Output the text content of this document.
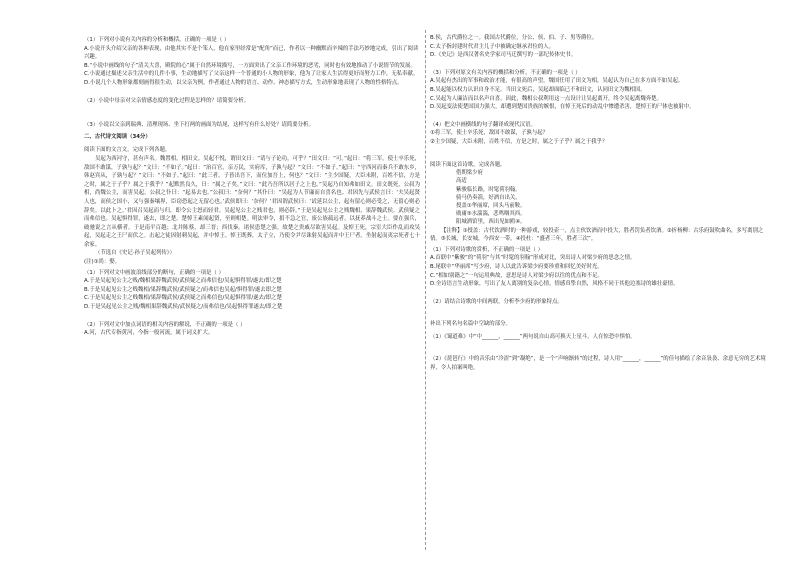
（1）下列对小说有关内容的分析和概括，正确的一项是（ ）

A.小说开头介绍父亲的各种表现，由他其实不是个笨人，他在家里经常是“配角”而已，作者以一种幽默而辛辣的手法巧妙地完成，引出了阅读兴趣。

B.“小说中画线的句子”清关大喜，殿院的心”属于自然环境描写，一方面突出了父亲工作环境的恶劣，同时也有效地推动了小说情节的发展。

C.小说通过描述父亲生活中的几件小事，生动地描写了父亲这样一个普通的小人物的形象，他为了让家人生活得更好而努力工作，无私奉献。

D.小说几个人物形象都刻画得很生动，以父亲为例，作者通过人物的语言、动作、神态描写方式，生动形象地表现了人物的性格特点。

（2）小说中母亲对父亲情感态度的变化过程是怎样的？请简要分析。

（3）小说以父亲到瑞典、清理现场、坐下打两的画面为结尾，这样写有什么好处？请简要分析。

二、古代诗文阅读（34分）

阅读下面的文言文，完成下列各题。

吴起为西河守，甚有声名。魏置相，相田文。吴起不悦，谓田文曰：“请与子论功，可乎？”田文曰：“可。”起曰：“将三军，使士卒乐死，敌国不敢谋，子孰与起？”文曰：“不如子。”起曰：“治百官，亲万民，实府库，子孰与起？”文曰：“不如子。”起曰：“守西河而秦兵不敢东乡，韩赵宾从，子孰与起？”文曰：“不如子。”起曰：“此三者，子皆出吾下，而位加吾上，何也？”文曰：“主少国疑，大臣未附，百姓不信，方是之时，属之于子乎？属之于我乎？”起默然良久，曰：“属之子矣。”文曰：“此乃吾所以居子之上也。”吴起乃自知弗如田文。田文既死，公叔为相，尚魏公主，而害吴起。公叔之仆曰：“起易去也。”公叔曰：“奈何？”其仆曰：“吴起为人节廉而自喜名也。君因先与武侯言曰：‘夫吴起贤人也，而侯之国小，又与强秦壤界，臣窃恐起之无留心也。’武侯即曰：‘奈何？’君因谓武侯曰：‘试延以公主，起有留心则必受之，无留心则必辞矣。以此卜之。’君因召吴起而与归，即令公主怒而轻君。吴起见公主之贱君也，则必辞。”于是吴起见公主之贱魏相，果辞魏武侯。武侯疑之而弗信也。吴起惧得罪，遂去，即之楚。楚悼王素闻起贤，至则相楚。明法审令，捐不急之官，废公族疏远者，以抚养战斗之士。要在强兵，破驰说之言从横者。于是南平百越；北并陈蔡，却三晋；西伐秦。诸侯患楚之强。故楚之贵戚尽欲害吴起。及悼王死，宗室大臣作乱而攻吴起，吴起走之王尸而伏之。击起之徒因射刺吴起，并中悼王。悼王既葬，太子立，乃使令尹尽诛射吴起而并中王尸者。坐射起而夷宗死者七十余家。

（节选自《史记·孙子吴起列传》）

(注)①尚：娶。

（1）下列对文中画波浪线部分的断句，正确的一项是（ ）

A.于是吴起见公主之贱/魏相果辞魏武侯/武侯疑之而弗信也/吴起惧得罪/遂去/即之楚

B.于是吴起见公主之贱魏相/果辞魏武侯/武侯疑之/而弗信也吴起/惧得罪/遂去即之楚

C.于是吴起见公主之贱魏相/果辞魏武侯/武侯疑之而弗信也/吴起惧得罪/遂去/即之楚

D.于是吴起见公主之贱/魏相果辞魏武侯/武侯疑之/而弗信也/吴起惧得罪遂去/即之楚

（2）下列对文中加点词语的相关内容的解说，不正确的一项是（ ）

A.河，古代专指黄河，今指一般河流，属于词义扩大。

B.侯，古代爵位之一。我国古代爵位，分公、侯、伯、子、男等爵位。

C.太子指封建时代君主儿子中被确定继承君位的人。

D.《史记》是西汉著名史学家司马迁撰写的一部纪传体史书。

（3）下列对原文有关内容的概括和分析，不正确的一项是（ ）

A.吴起有杰出的军事和政治才能，有很高的声望，魏国任用了田文为相，吴起认为自己在多方面不如吴起。

B.吴起能以权力认识自身不足。当田文死后，吴起却面临已不和田文，认同田文为魏相国。

C.吴起为人廉洁而以名声自喜。因此，魏相公叔利用这一点设计让吴起离开，终令吴起离魏奔楚。

D.吴起变法使楚国国力强大，却遭到楚国贵族的嫉恨，在悼王死后的动乱中惨遭杀害，楚悼王的尸体也被射中。

（4）把文中画横线的句子翻译成现代汉语。

①将三军，使士卒乐死，敌国不敢谋，子孰与起？

②主少国疑，大臣未附，百姓不信，方是之时，属之于子乎？属之于我乎？

阅读下面这首诗歌，完成各题。

借期梁少府

高适

紫骏临长路，时髦荷羽翰。

骑马仍奏箭，好酒自出关。

授盖①华丽席，回头马前鞍。

勋庸⑤水湍湍，悲鸣咽其西。

阳城洒馆里，西出见如鸥④。

【注释】①授盖：古代饮酒时的一种游戏，较投壶一，点主伙饮酒而中投大，胜者罚负者饮酒。②折杨柳：古乐府鼓吹曲名，多写离别之情。③长城，长安城，今西安一带。④投杜：“盛者三年，胜者三次”。

（1）下列对诗歌的赏析，不正确的一项是（ ）

A.首联中“紫骏”的“荷羽”与其“时髦的羽翰”形成对比，突出诗人对梁少府的思念之情。

B.尾联中“华丽席”写少府，诗人以此告诉梁少府要珍重和回忆美好时光。

C.“相如别籍之”一句运用典故，意思是诗人对梁少府以往的优点和不足。

D.全诗语言生动形象，写出了友人离别的复杂心情，情感真挚自然，风格不同于其他边塞诗的雄壮豪情。

（2）请结合诗歌的中间两联，分析李少府的形象特点。

补出下列名句名篇中空缺的部分。

（1）《蜀道难》中“中______，______”两句说自山高可换天上星斗，人在惊恐中惧怕。

（2）《琵琶行》中的音乐由“冷涩”到“凝绝”，是一个“声响渐转”的过程，诗人用“______，______”的佳句描绘了余音袅袅、余意无穷的艺术境界，令人拍案叫绝。
